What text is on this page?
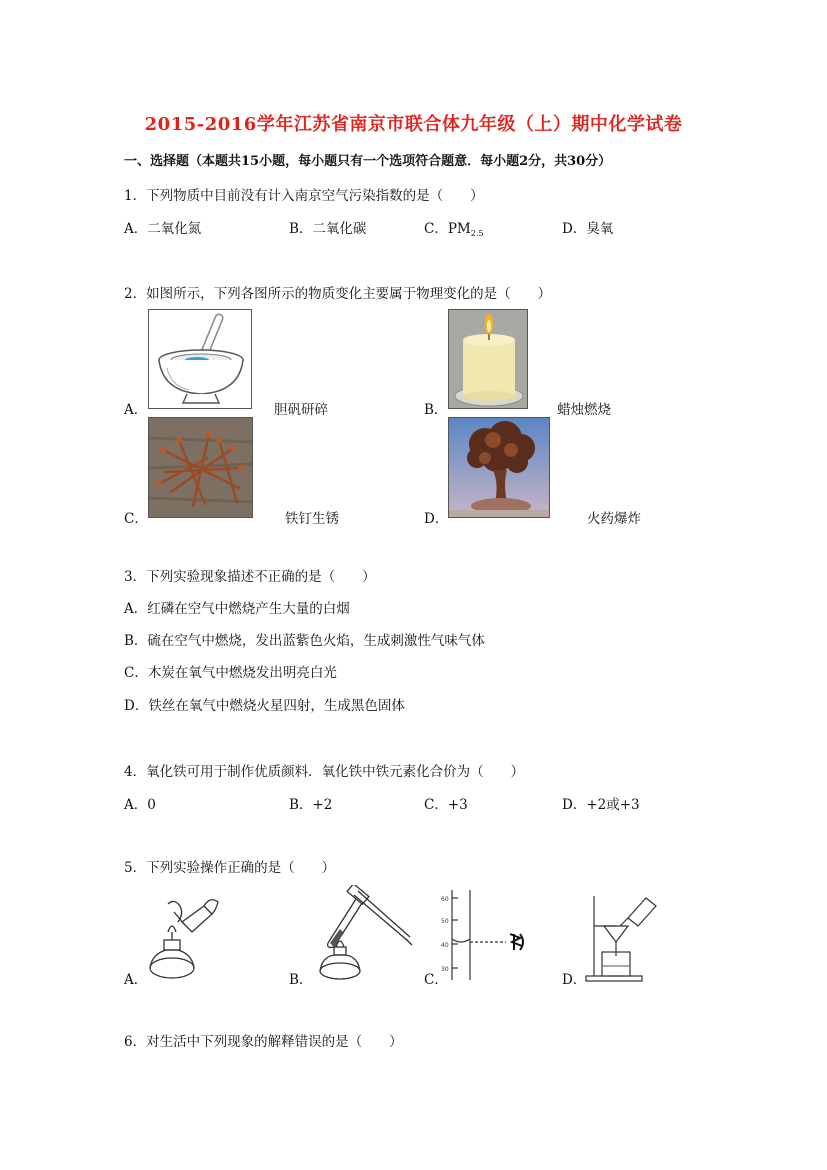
2015-2016学年江苏省南京市联合体九年级（上）期中化学试卷
一、选择题（本题共15小题，每小题只有一个选项符合题意．每小题2分，共30分）
1．下列物质中目前没有计入南京空气污染指数的是（　　）
A．二氧化氮	B．二氧化碳	C．$PM_{2.5}$	D．臭氧
2．如图所示，下列各图所示的物质变化主要属于物理变化的是（　　）
A．	胆矾研碎	B．	蜡烛燃烧
C．	铁钉生锈	D．	火药爆炸
3．下列实验现象描述不正确的是（　　）
A．红磷在空气中燃烧产生大量的白烟
B．硫在空气中燃烧，发出蓝紫色火焰，生成刺激性气味气体
C．木炭在氧气中燃烧发出明亮白光
D．铁丝在氧气中燃烧火星四射，生成黑色固体
4．氧化铁可用于制作优质颜料．氧化铁中铁元素化合价为（　　）
A．0	B．+2	C．+3	D．+2或+3
5．下列实验操作正确的是（　　）
A．	B．	C．
60
50
40
30
D．
6．对生活中下列现象的解释错误的是（　　）
